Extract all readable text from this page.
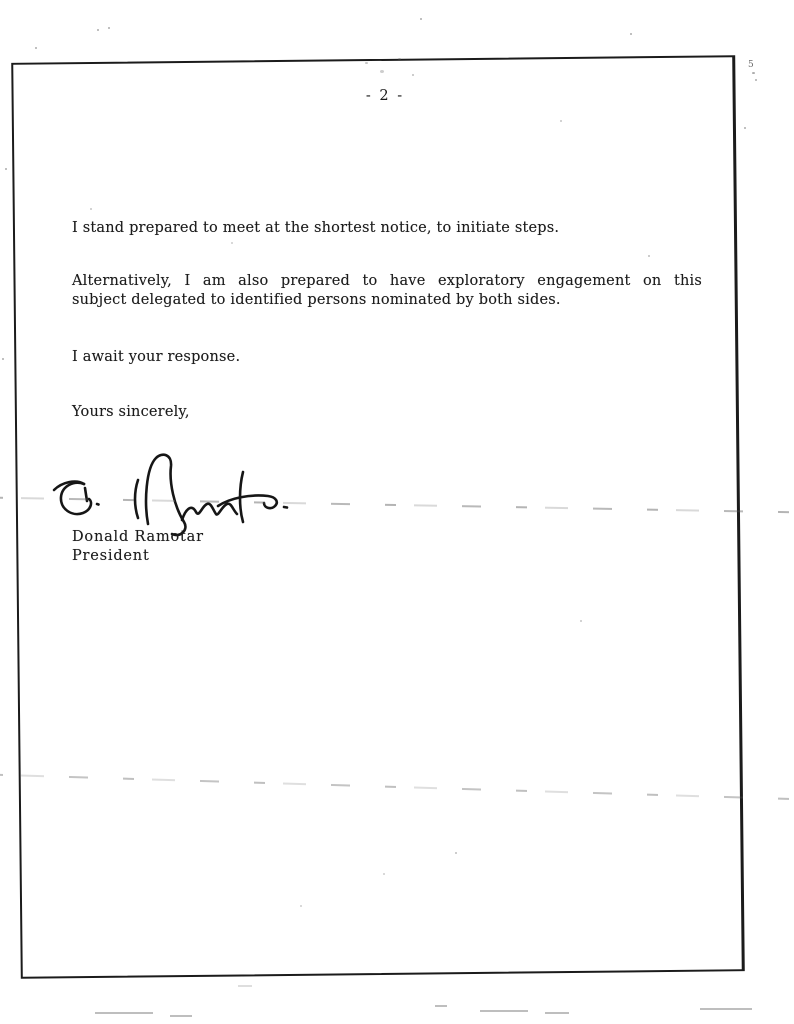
- 2 -
I stand prepared to meet at the shortest notice, to initiate steps.
Alternatively, I am also prepared to have exploratory engagement on this
subject delegated to identified persons nominated by both sides.
I await your response.
Yours sincerely,
Donald Ramotar
President
5
